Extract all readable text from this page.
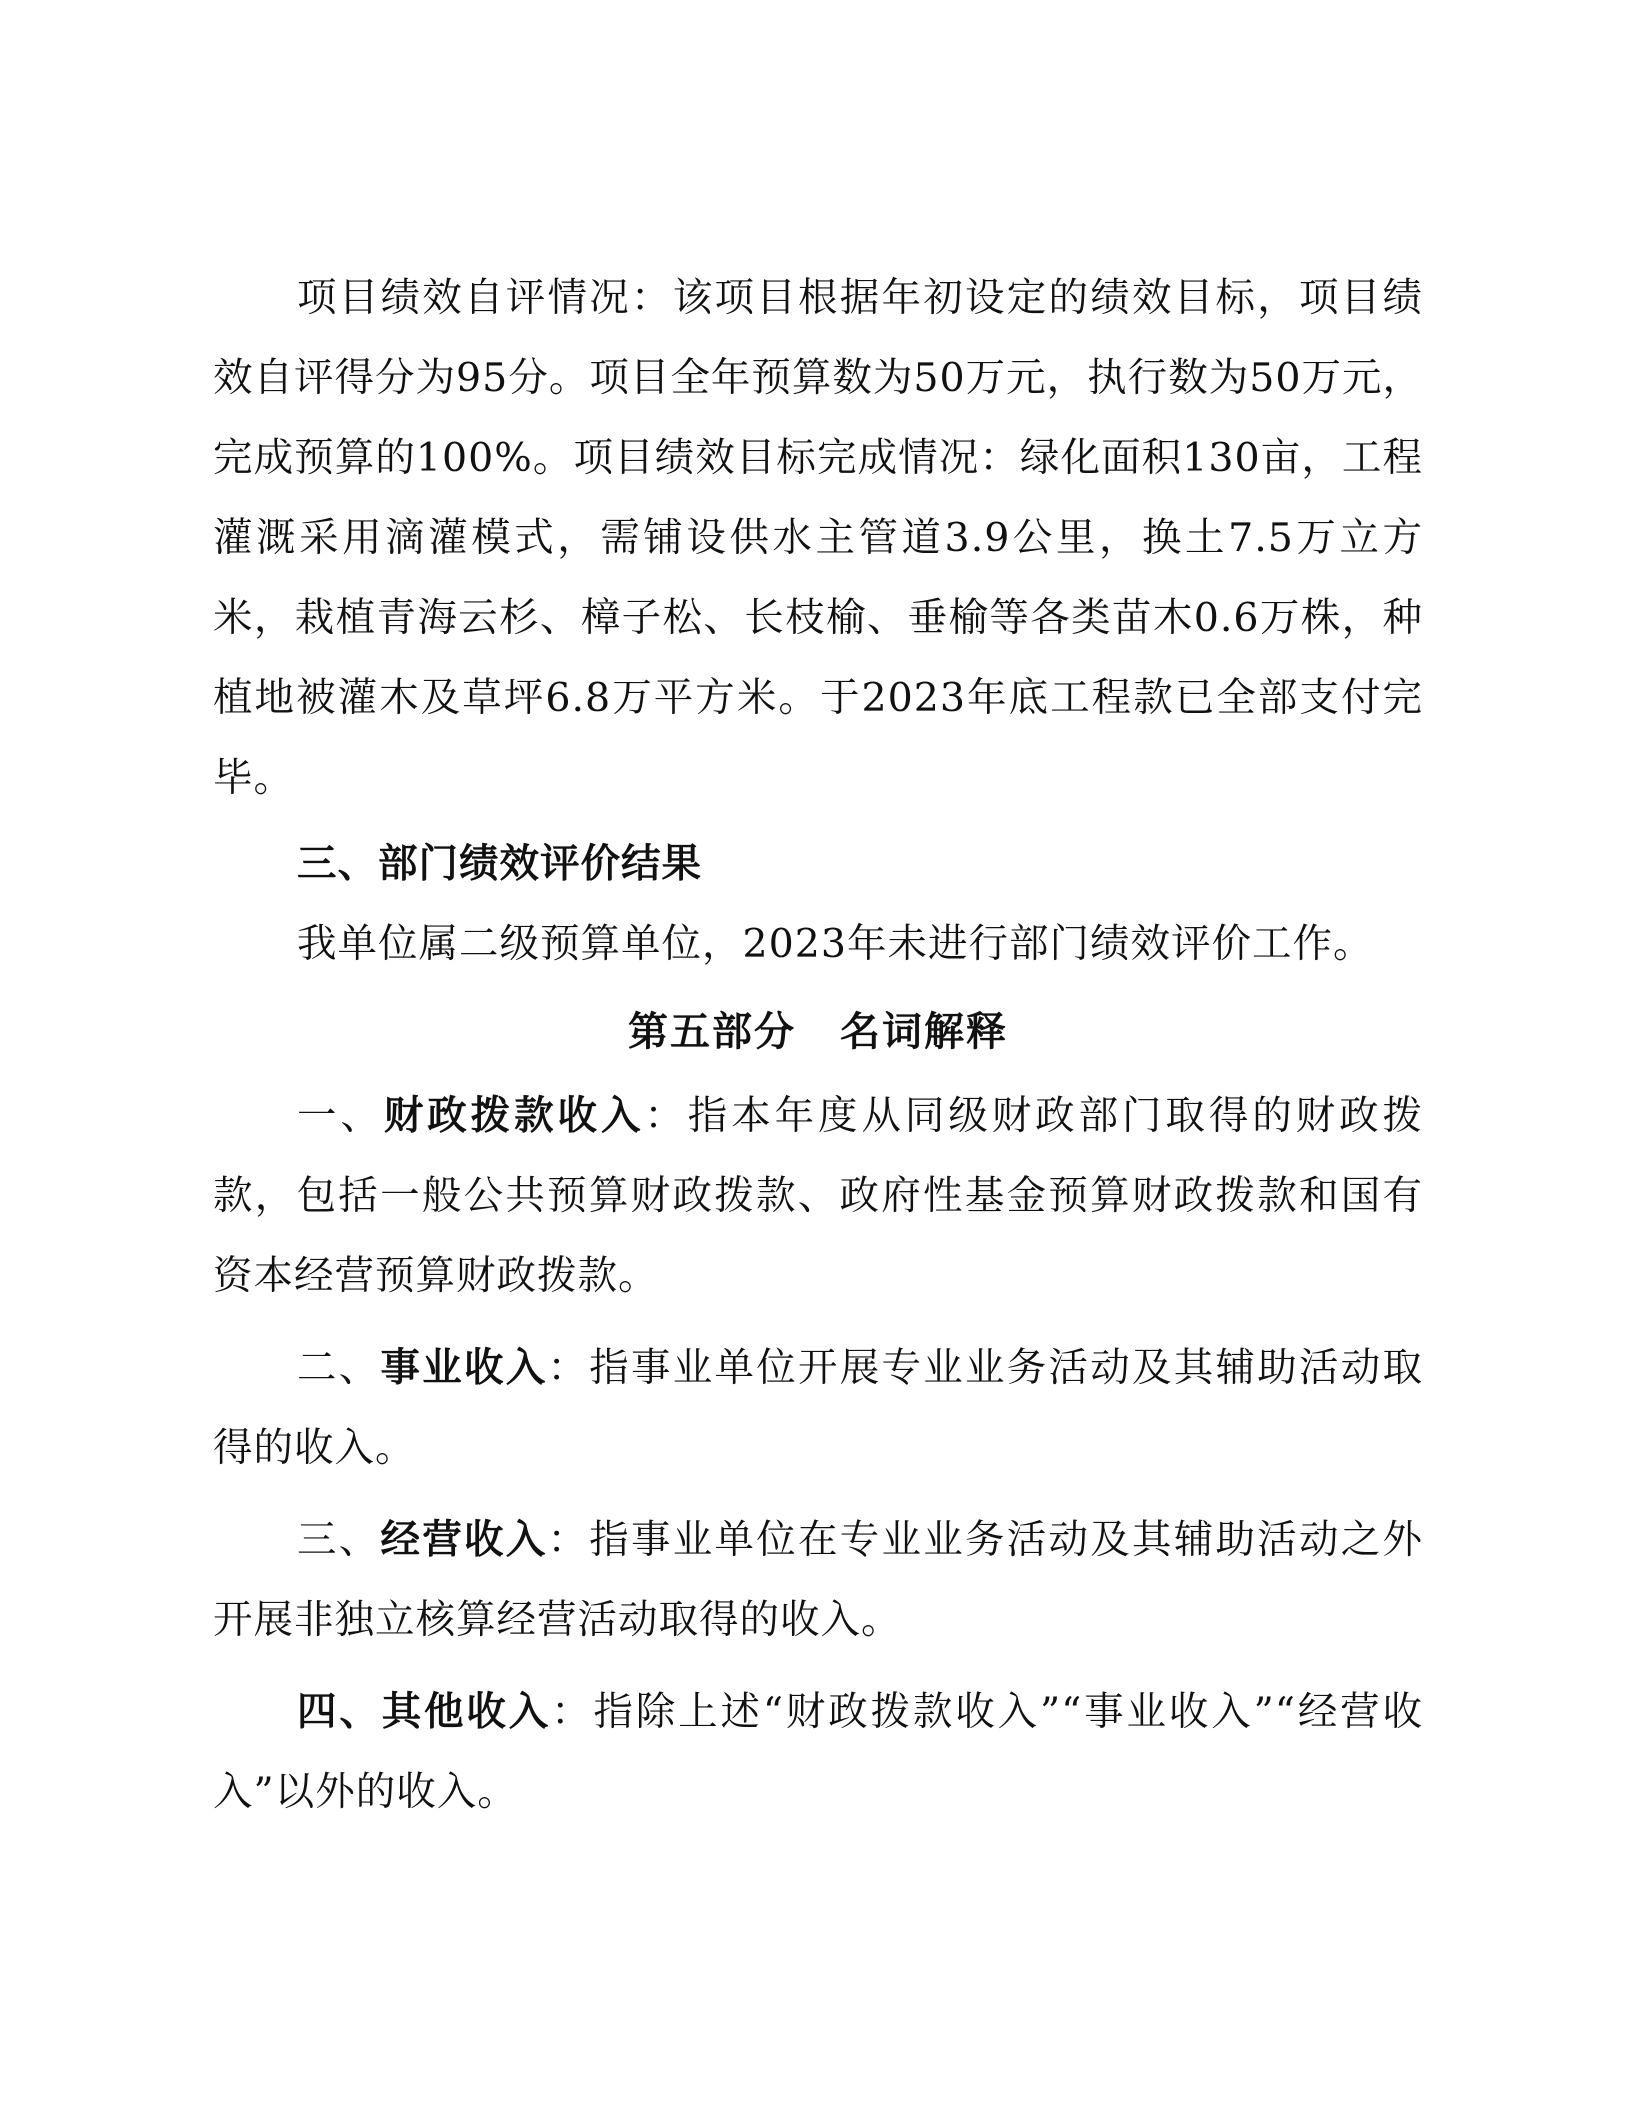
项目绩效自评情况：该项目根据年初设定的绩效目标，项目绩效自评得分为95分。项目全年预算数为50万元，执行数为50万元，完成预算的100%。项目绩效目标完成情况：绿化面积130亩，工程灌溉采用滴灌模式，需铺设供水主管道3.9公里，换土7.5万立方米，栽植青海云杉、樟子松、长枝榆、垂榆等各类苗木0.6万株，种植地被灌木及草坪6.8万平方米。于2023年底工程款已全部支付完毕。

三、部门绩效评价结果

我单位属二级预算单位，2023年未进行部门绩效评价工作。

第五部分 名词解释

一、财政拨款收入：指本年度从同级财政部门取得的财政拨款，包括一般公共预算财政拨款、政府性基金预算财政拨款和国有资本经营预算财政拨款。

二、事业收入：指事业单位开展专业业务活动及其辅助活动取得的收入。

三、经营收入：指事业单位在专业业务活动及其辅助活动之外开展非独立核算经营活动取得的收入。

四、其他收入：指除上述“财政拨款收入”“事业收入”“经营收入”以外的收入。
